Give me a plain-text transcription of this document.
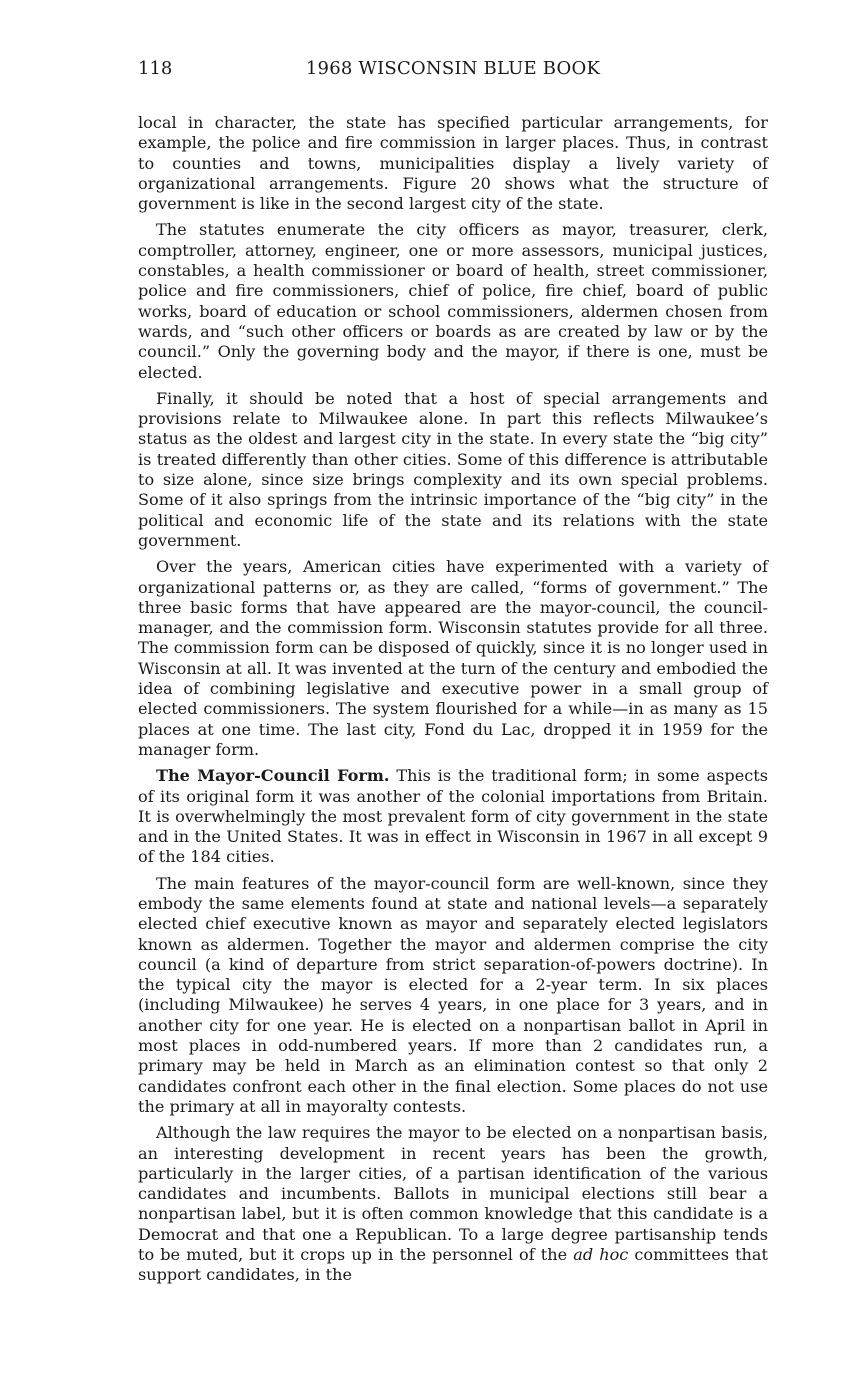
118	1968 WISCONSIN BLUE BOOK

local in character, the state has specified particular arrangements, for example, the police and fire commission in larger places. Thus, in contrast to counties and towns, municipalities display a lively variety of organizational arrangements. Figure 20 shows what the structure of government is like in the second largest city of the state.

The statutes enumerate the city officers as mayor, treasurer, clerk, comptroller, attorney, engineer, one or more assessors, municipal justices, constables, a health commissioner or board of health, street commissioner, police and fire commissioners, chief of police, fire chief, board of public works, board of education or school commissioners, aldermen chosen from wards, and “such other officers or boards as are created by law or by the council.” Only the governing body and the mayor, if there is one, must be elected.

Finally, it should be noted that a host of special arrangements and provisions relate to Milwaukee alone. In part this reflects Milwaukee’s status as the oldest and largest city in the state. In every state the “big city” is treated differently than other cities. Some of this difference is attributable to size alone, since size brings complexity and its own special problems. Some of it also springs from the intrinsic importance of the “big city” in the political and economic life of the state and its relations with the state government.

Over the years, American cities have experimented with a variety of organizational patterns or, as they are called, “forms of government.” The three basic forms that have appeared are the mayor-council, the council-manager, and the commission form. Wisconsin statutes provide for all three. The commission form can be disposed of quickly, since it is no longer used in Wisconsin at all. It was invented at the turn of the century and embodied the idea of combining legislative and executive power in a small group of elected commissioners. The system flourished for a while—in as many as 15 places at one time. The last city, Fond du Lac, dropped it in 1959 for the manager form.

The Mayor-Council Form. This is the traditional form; in some aspects of its original form it was another of the colonial importations from Britain. It is overwhelmingly the most prevalent form of city government in the state and in the United States. It was in effect in Wisconsin in 1967 in all except 9 of the 184 cities.

The main features of the mayor-council form are well-known, since they embody the same elements found at state and national levels—a separately elected chief executive known as mayor and separately elected legislators known as aldermen. Together the mayor and aldermen comprise the city council (a kind of departure from strict separation-of-powers doctrine). In the typical city the mayor is elected for a 2-year term. In six places (including Milwaukee) he serves 4 years, in one place for 3 years, and in another city for one year. He is elected on a nonpartisan ballot in April in most places in odd-numbered years. If more than 2 candidates run, a primary may be held in March as an elimination contest so that only 2 candidates confront each other in the final election. Some places do not use the primary at all in mayoralty contests.

Although the law requires the mayor to be elected on a nonpartisan basis, an interesting development in recent years has been the growth, particularly in the larger cities, of a partisan identification of the various candidates and incumbents. Ballots in municipal elections still bear a nonpartisan label, but it is often common knowledge that this candidate is a Democrat and that one a Republican. To a large degree partisanship tends to be muted, but it crops up in the personnel of the ad hoc committees that support candidates, in the
